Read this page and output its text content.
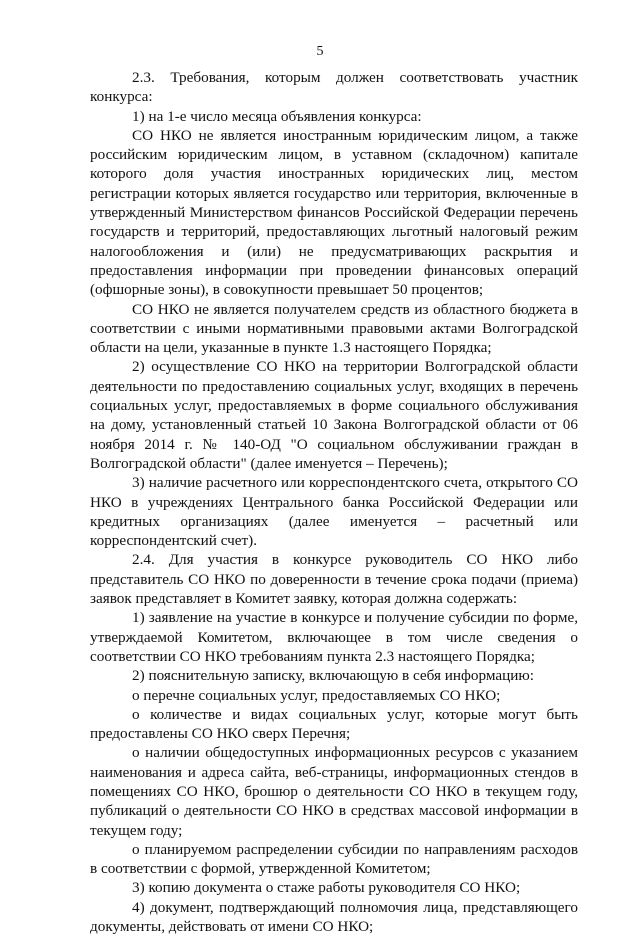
5

2.3. Требования, которым должен соответствовать участник конкурса:

1) на 1-е число месяца объявления конкурса:

СО НКО не является иностранным юридическим лицом, а также российским юридическим лицом, в уставном (складочном) капитале которого доля участия иностранных юридических лиц, местом регистрации которых является государство или территория, включенные в утвержденный Министерством финансов Российской Федерации перечень государств и территорий, предоставляющих льготный налоговый режим налогообложения и (или) не предусматривающих раскрытия и предоставления информации при проведении финансовых операций (офшорные зоны), в совокупности превышает 50 процентов;

СО НКО не является получателем средств из областного бюджета в соответствии с иными нормативными правовыми актами Волгоградской области на цели, указанные в пункте 1.3 настоящего Порядка;

2) осуществление СО НКО на территории Волгоградской области деятельности по предоставлению социальных услуг, входящих в перечень социальных услуг, предоставляемых в форме социального обслуживания на дому, установленный статьей 10 Закона Волгоградской области от 06 ноября 2014 г. № 140-ОД "О социальном обслуживании граждан в Волгоградской области" (далее именуется – Перечень);

3) наличие расчетного или корреспондентского счета, открытого СО НКО в учреждениях Центрального банка Российской Федерации или кредитных организациях (далее именуется – расчетный или корреспондентский счет).

2.4. Для участия в конкурсе руководитель СО НКО либо представитель СО НКО по доверенности в течение срока подачи (приема) заявок представляет в Комитет заявку, которая должна содержать:

1) заявление на участие в конкурсе и получение субсидии по форме, утверждаемой Комитетом, включающее в том числе сведения о соответствии СО НКО требованиям пункта 2.3 настоящего Порядка;

2) пояснительную записку, включающую в себя информацию:

о перечне социальных услуг, предоставляемых СО НКО;

о количестве и видах социальных услуг, которые могут быть предоставлены СО НКО сверх Перечня;

о наличии общедоступных информационных ресурсов с указанием наименования и адреса сайта, веб-страницы, информационных стендов в помещениях СО НКО, брошюр о деятельности СО НКО в текущем году, публикаций о деятельности СО НКО в средствах массовой информации в текущем году;

о планируемом распределении субсидии по направлениям расходов в соответствии с формой, утвержденной Комитетом;

3) копию документа о стаже работы руководителя СО НКО;

4) документ, подтверждающий полномочия лица, представляющего документы, действовать от имени СО НКО;
